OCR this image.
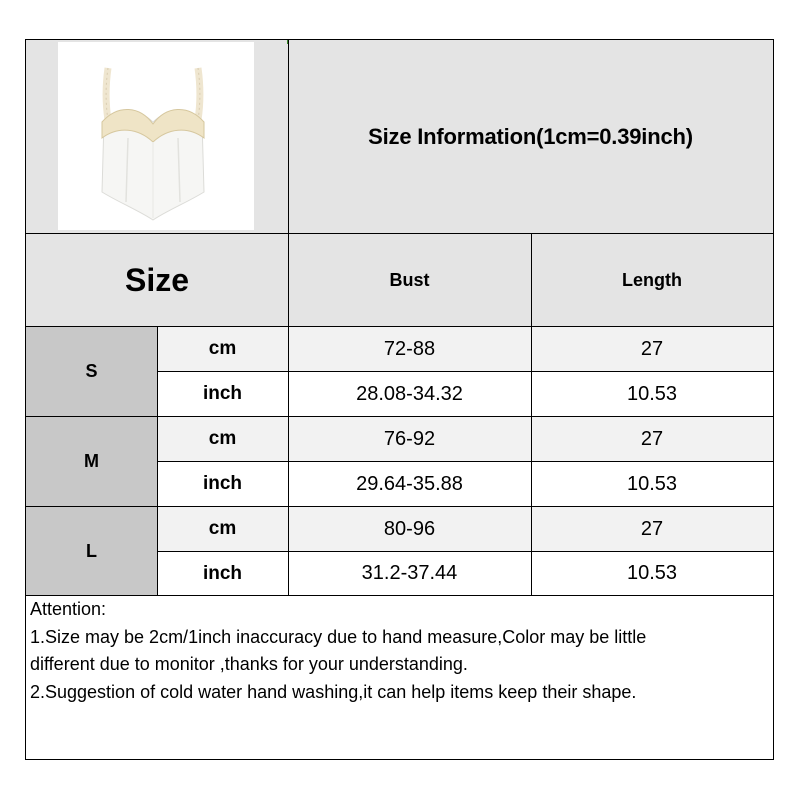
Size Information(1cm=0.39inch)
Size	Bust	Length
S
cm	72-88	27
inch	28.08-34.32	10.53
M
cm	76-92	27
inch	29.64-35.88	10.53
L
cm	80-96	27
inch	31.2-37.44	10.53
Attention:
1.Size may be 2cm/1inch inaccuracy due to hand measure,Color may be little
different due to monitor ,thanks for your understanding.
2.Suggestion of cold water hand washing,it can help items keep their shape.
